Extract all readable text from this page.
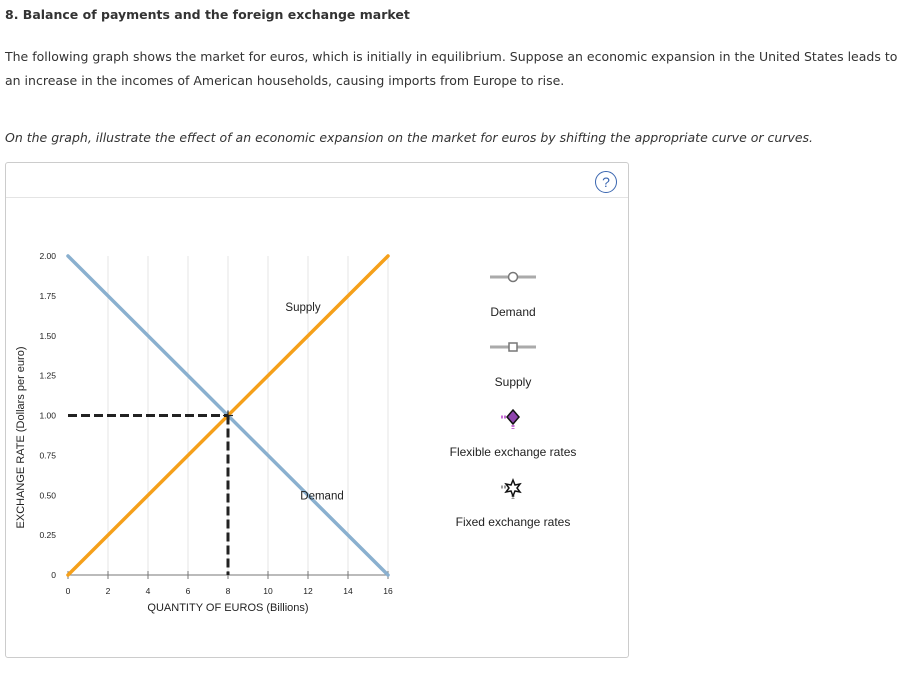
8. Balance of payments and the foreign exchange market
The following graph shows the market for euros, which is initially in equilibrium. Suppose an economic expansion in the United States leads to an increase in the incomes of American households, causing imports from Europe to rise.
On the graph, illustrate the effect of an economic expansion on the market for euros by shifting the appropriate curve or curves.
?
0	2	4	6	8	10	12	14	16
0
0.25
0.50
0.75
1.00
1.25
1.50
1.75
2.00
QUANTITY OF EUROS (Billions)
EXCHANGE RATE (Dollars per euro)
Supply
Demand
Demand
Supply
Flexible exchange rates
Fixed exchange rates
